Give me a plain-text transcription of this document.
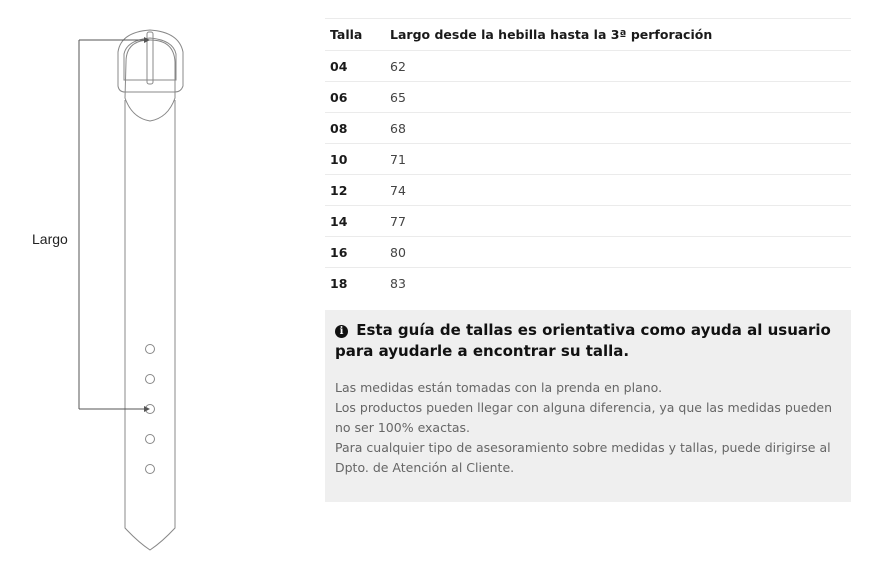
Largo
Talla	Largo desde la hebilla hasta la 3ª perforación
04	62
06	65
08	68
10	71
12	74
14	77
16	80
18	83
i Esta guía de tallas es orientativa como ayuda al usuario para ayudarle a encontrar su talla.

Las medidas están tomadas con la prenda en plano.

Los productos pueden llegar con alguna diferencia, ya que las medidas pueden no ser 100% exactas.

Para cualquier tipo de asesoramiento sobre medidas y tallas, puede dirigirse al Dpto. de Atención al Cliente.
